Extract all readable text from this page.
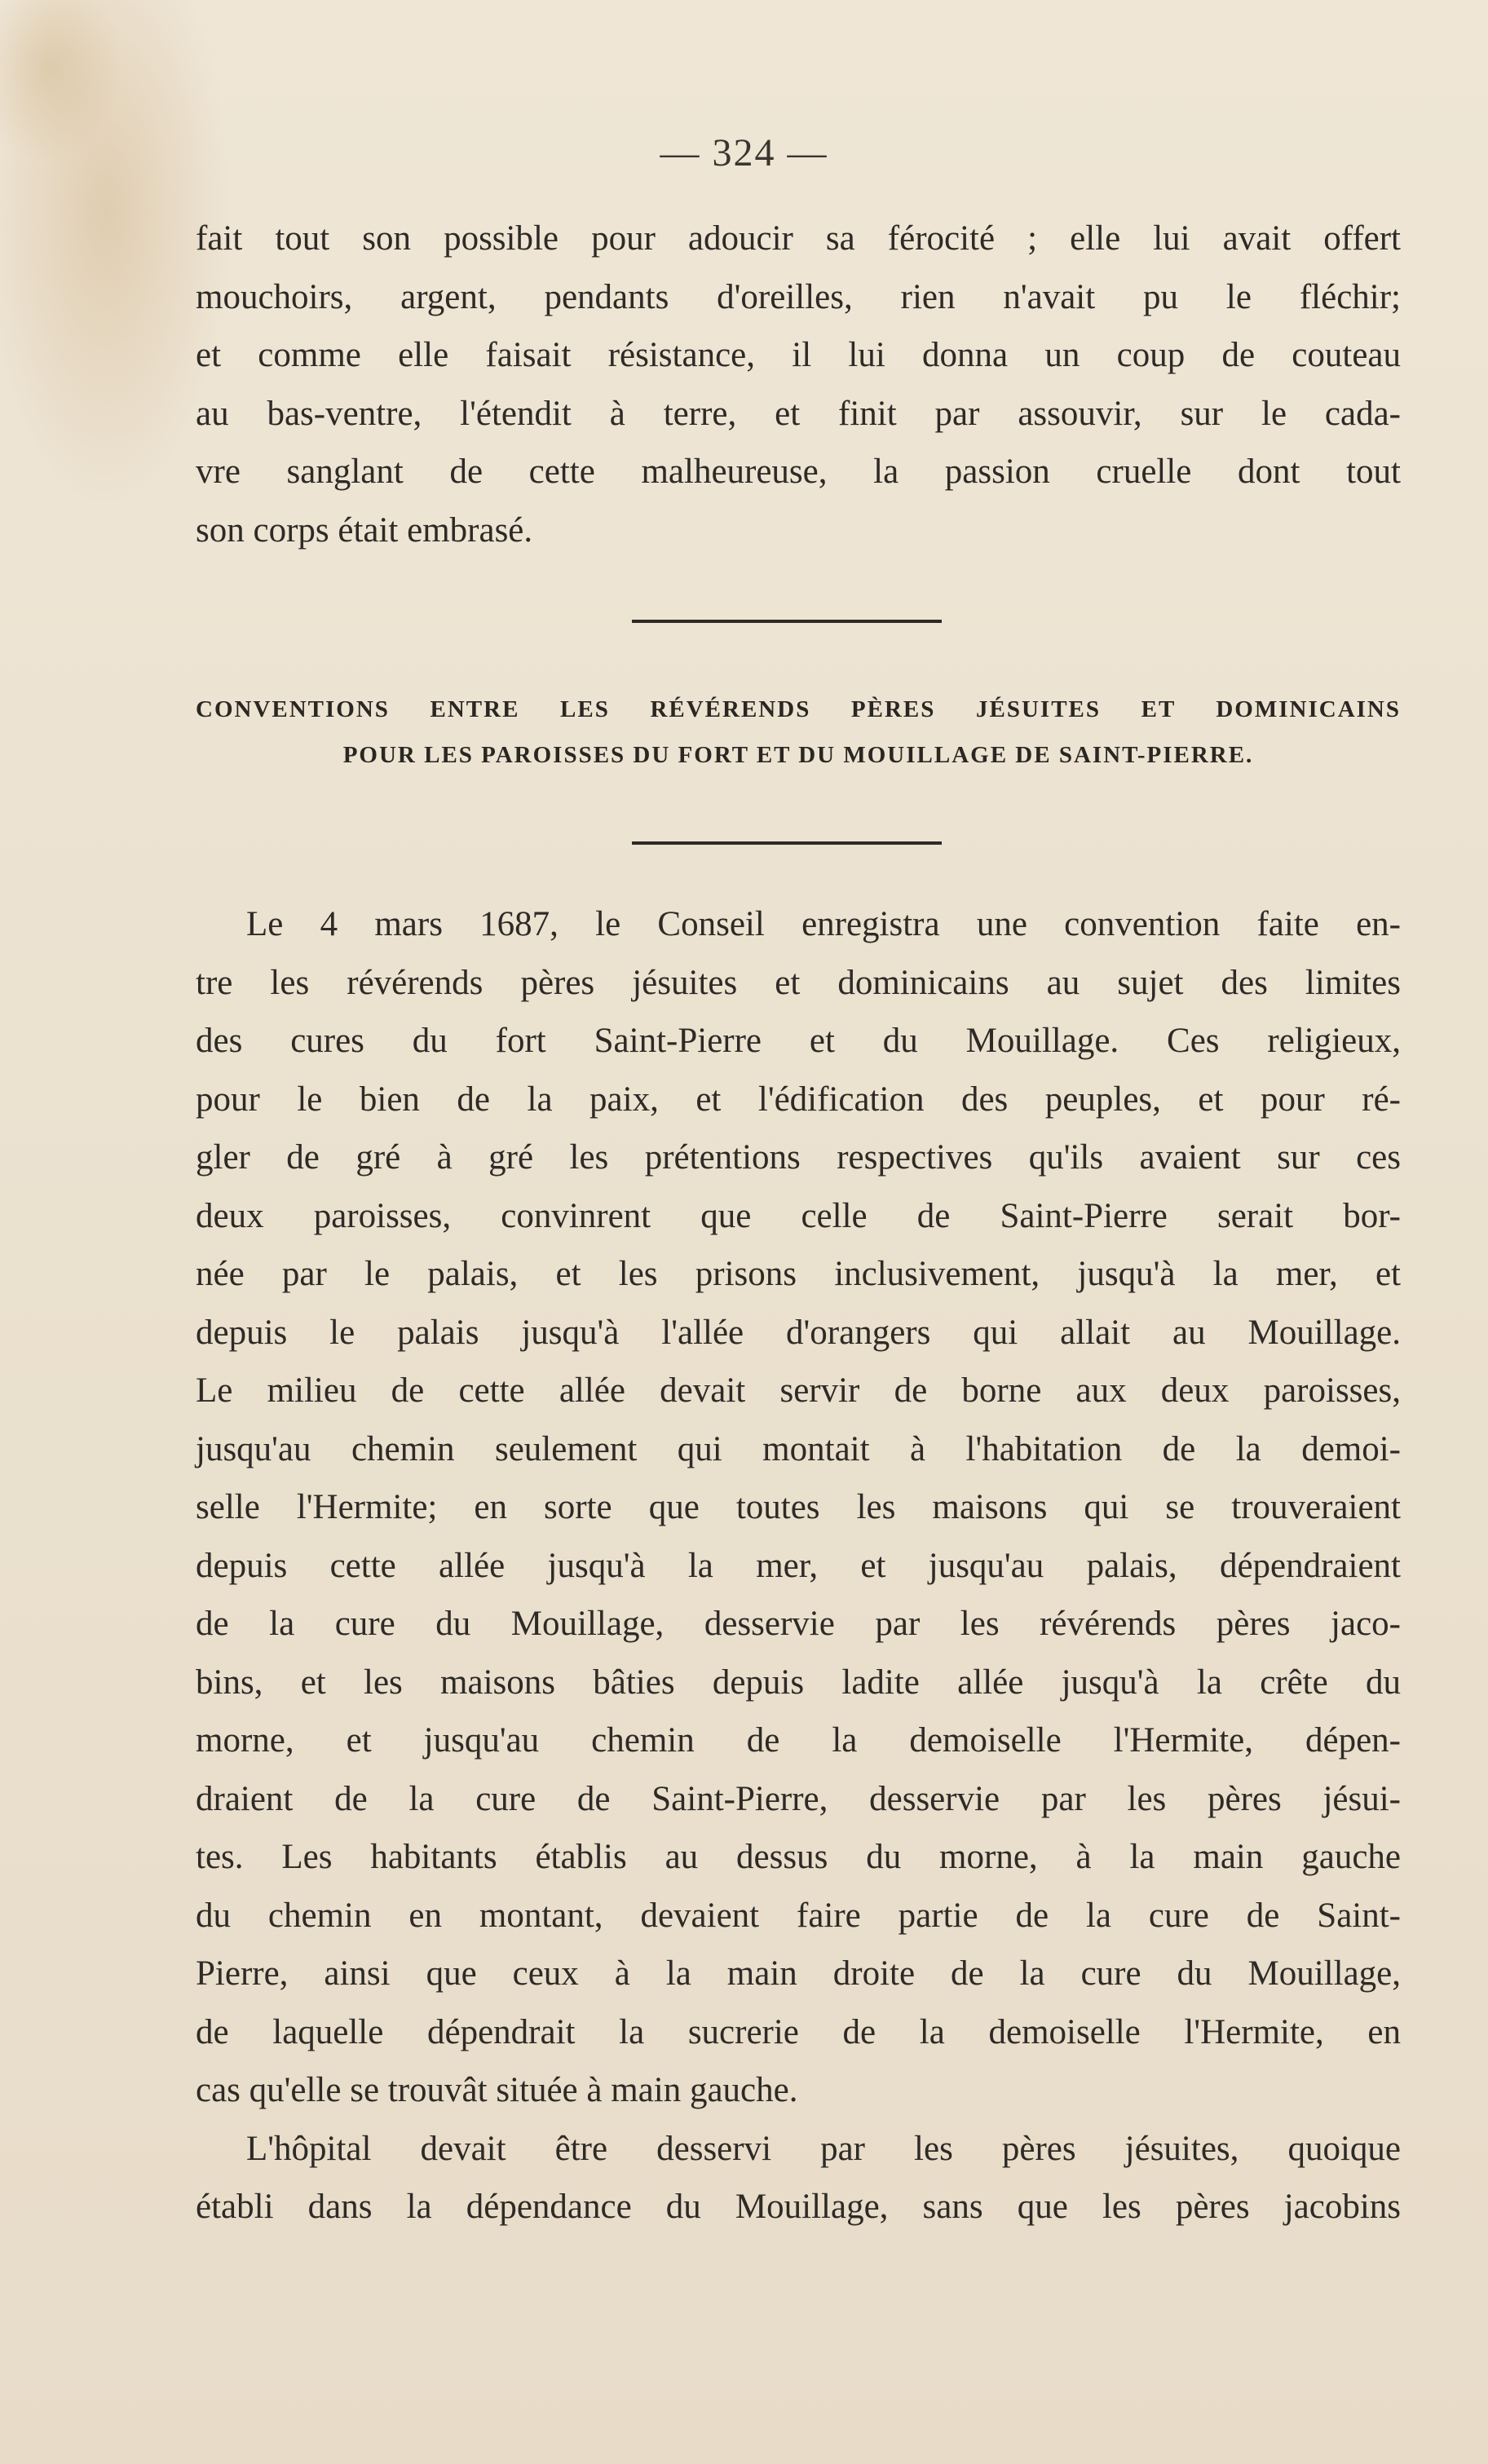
— 324 —
fait tout son possible pour adoucir sa férocité ; elle lui avait offert
mouchoirs, argent, pendants d'oreilles, rien n'avait pu le fléchir;
et comme elle faisait résistance, il lui donna un coup de couteau
au bas-ventre, l'étendit à terre, et finit par assouvir, sur le cada-
vre sanglant de cette malheureuse, la passion cruelle dont tout
son corps était embrasé.
CONVENTIONS ENTRE LES RÉVÉRENDS PÈRES JÉSUITES ET DOMINICAINS
POUR LES PAROISSES DU FORT ET DU MOUILLAGE DE SAINT-PIERRE.
Le 4 mars 1687, le Conseil enregistra une convention faite en-
tre les révérends pères jésuites et dominicains au sujet des limites
des cures du fort Saint-Pierre et du Mouillage. Ces religieux,
pour le bien de la paix, et l'édification des peuples, et pour ré-
gler de gré à gré les prétentions respectives qu'ils avaient sur ces
deux paroisses, convinrent que celle de Saint-Pierre serait bor-
née par le palais, et les prisons inclusivement, jusqu'à la mer, et
depuis le palais jusqu'à l'allée d'orangers qui allait au Mouillage.
Le milieu de cette allée devait servir de borne aux deux paroisses,
jusqu'au chemin seulement qui montait à l'habitation de la demoi-
selle l'Hermite; en sorte que toutes les maisons qui se trouveraient
depuis cette allée jusqu'à la mer, et jusqu'au palais, dépendraient
de la cure du Mouillage, desservie par les révérends pères jaco-
bins, et les maisons bâties depuis ladite allée jusqu'à la crête du
morne, et jusqu'au chemin de la demoiselle l'Hermite, dépen-
draient de la cure de Saint-Pierre, desservie par les pères jésui-
tes. Les habitants établis au dessus du morne, à la main gauche
du chemin en montant, devaient faire partie de la cure de Saint-
Pierre, ainsi que ceux à la main droite de la cure du Mouillage,
de laquelle dépendrait la sucrerie de la demoiselle l'Hermite, en
cas qu'elle se trouvât située à main gauche.
L'hôpital devait être desservi par les pères jésuites, quoique
établi dans la dépendance du Mouillage, sans que les pères jacobins
